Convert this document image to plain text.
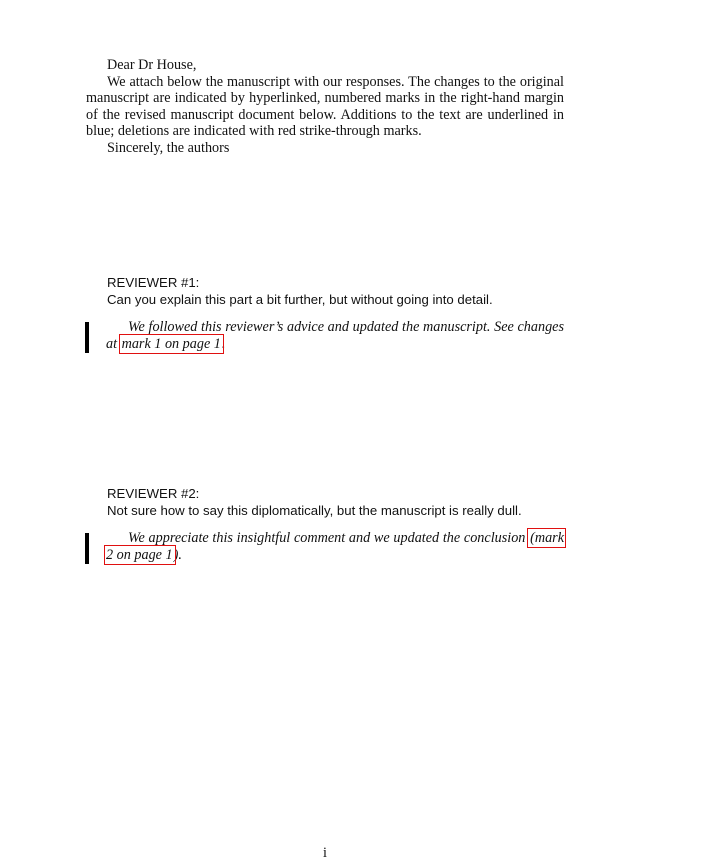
Dear Dr House,

We attach below the manuscript with our responses. The changes to the original manuscript are indicated by hyperlinked, numbered marks in the right-hand margin of the revised manuscript document below. Additions to the text are underlined in blue; deletions are indicated with red strike-through marks.

Sincerely, the authors

REVIEWER #1:

Can you explain this part a bit further, but without going into detail.

We followed this reviewer’s advice and updated the manuscript. See changes at mark 1 on page 1.

REVIEWER #2:

Not sure how to say this diplomatically, but the manuscript is really dull.

We appreciate this insightful comment and we updated the conclusion (mark 2 on page 1).

i
